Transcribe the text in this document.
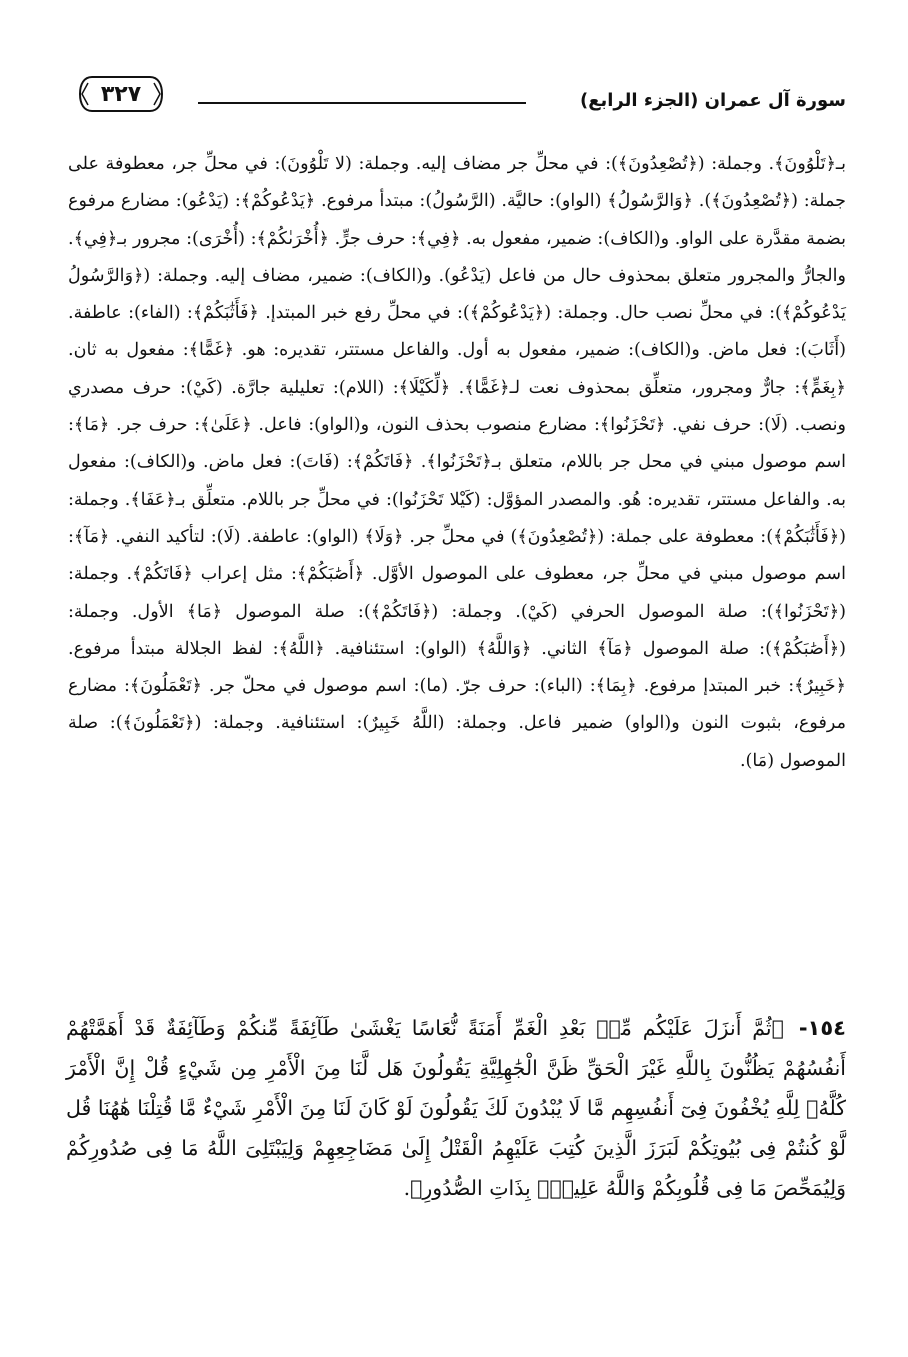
سورة آل عمران (الجزء الرابع)
٣٢٧

بـ﴿تَلْوُونَ﴾. وجملة: (﴿تُصْعِدُونَ﴾): في محلِّ جر مضاف إليه. وجملة: (لا تَلْوُونَ): في محلِّ جر، معطوفة على جملة: (﴿تُصْعِدُونَ﴾). ﴿وَالرَّسُولُ﴾ (الواو): حاليَّة. (الرَّسُولُ): مبتدأ مرفوع. ﴿يَدْعُوكُمْ﴾: (يَدْعُو): مضارع مرفوع بضمة مقدَّرة على الواو. و(الكاف): ضمير، مفعول به. ﴿فِي﴾: حرف جرٍّ. ﴿أُخْرَىٰكُمْ﴾: (أُخْرَى): مجرور بـ﴿فِي﴾. والجارُّ والمجرور متعلق بمحذوف حال من فاعل (يَدْعُو). و(الكاف): ضمير، مضاف إليه. وجملة: (﴿وَالرَّسُولُ يَدْعُوكُمْ﴾): في محلِّ نصب حال. وجملة: (﴿يَدْعُوكُمْ﴾): في محلِّ رفع خبر المبتدإ. ﴿فَأَثَٰبَكُمْ﴾: (الفاء): عاطفة. (أَثَابَ): فعل ماض. و(الكاف): ضمير، مفعول به أول. والفاعل مستتر، تقديره: هو. ﴿غَمًّا﴾: مفعول به ثان. ﴿بِغَمٍّ﴾: جارٌّ ومجرور، متعلِّق بمحذوف نعت لـ﴿غَمًّا﴾. ﴿لِّكَيْلَا﴾: (اللام): تعليلية جارَّة. (كَيْ): حرف مصدري ونصب. (لَا): حرف نفي. ﴿تَحْزَنُوا﴾: مضارع منصوب بحذف النون، و(الواو): فاعل. ﴿عَلَىٰ﴾: حرف جر. ﴿مَا﴾: اسم موصول مبني في محل جر باللام، متعلق بـ﴿تَحْزَنُوا﴾. ﴿فَاتَكُمْ﴾: (فَاتَ): فعل ماض. و(الكاف): مفعول به. والفاعل مستتر، تقديره: هُو. والمصدر المؤوَّل: (كَيْلا تَحْزَنُوا): في محلِّ جر باللام. متعلِّق بـ﴿عَفَا﴾. وجملة: (﴿فَأَثَٰبَكُمْ﴾): معطوفة على جملة: (﴿تُصْعِدُونَ﴾) في محلِّ جر. ﴿وَلَا﴾ (الواو): عاطفة. (لَا): لتأكيد النفي. ﴿مَآ﴾: اسم موصول مبني في محلِّ جر، معطوف على الموصول الأوَّل. ﴿أَصَٰبَكُمْ﴾: مثل إعراب ﴿فَاتَكُمْ﴾. وجملة: (﴿تَحْزَنُوا﴾): صلة الموصول الحرفي (كَيْ). وجملة: (﴿فَاتَكُمْ﴾): صلة الموصول ﴿مَا﴾ الأول. وجملة: (﴿أَصَٰبَكُمْ﴾): صلة الموصول ﴿مَآ﴾ الثاني. ﴿وَاللَّهُ﴾ (الواو): استئنافية. ﴿اللَّهُ﴾: لفظ الجلالة مبتدأ مرفوع. ﴿خَبِيرٌ﴾: خبر المبتدإ مرفوع. ﴿بِمَا﴾: (الباء): حرف جرّ. (ما): اسم موصول في محلّ جر. ﴿تَعْمَلُونَ﴾: مضارع مرفوع، بثبوت النون و(الواو) ضمير فاعل. وجملة: (اللَّهُ خَبِيرٌ): استئنافية. وجملة: (﴿تَعْمَلُونَ﴾): صلة الموصول (مَا).

١٥٤- ﴿ثُمَّ أَنزَلَ عَلَيْكُم مِّنۢ بَعْدِ الْغَمِّ أَمَنَةً نُّعَاسًا يَغْشَىٰ طَآئِفَةً مِّنكُمْ وَطَآئِفَةٌ قَدْ أَهَمَّتْهُمْ أَنفُسُهُمْ يَظُنُّونَ بِاللَّهِ غَيْرَ الْحَقِّ ظَنَّ الْجَٰهِلِيَّةِ يَقُولُونَ هَل لَّنَا مِنَ الْأَمْرِ مِن شَيْءٍ قُلْ إِنَّ الْأَمْرَ كُلَّهُۥ لِلَّهِ يُخْفُونَ فِىٓ أَنفُسِهِم مَّا لَا يُبْدُونَ لَكَ يَقُولُونَ لَوْ كَانَ لَنَا مِنَ الْأَمْرِ شَيْءٌ مَّا قُتِلْنَا هَٰهُنَا قُل لَّوْ كُنتُمْ فِى بُيُوتِكُمْ لَبَرَزَ الَّذِينَ كُتِبَ عَلَيْهِمُ الْقَتْلُ إِلَىٰ مَضَاجِعِهِمْ وَلِيَبْتَلِىَ اللَّهُ مَا فِى صُدُورِكُمْ وَلِيُمَحِّصَ مَا فِى قُلُوبِكُمْ وَاللَّهُ عَلِيمٌۢ بِذَاتِ الصُّدُورِ﴾.
